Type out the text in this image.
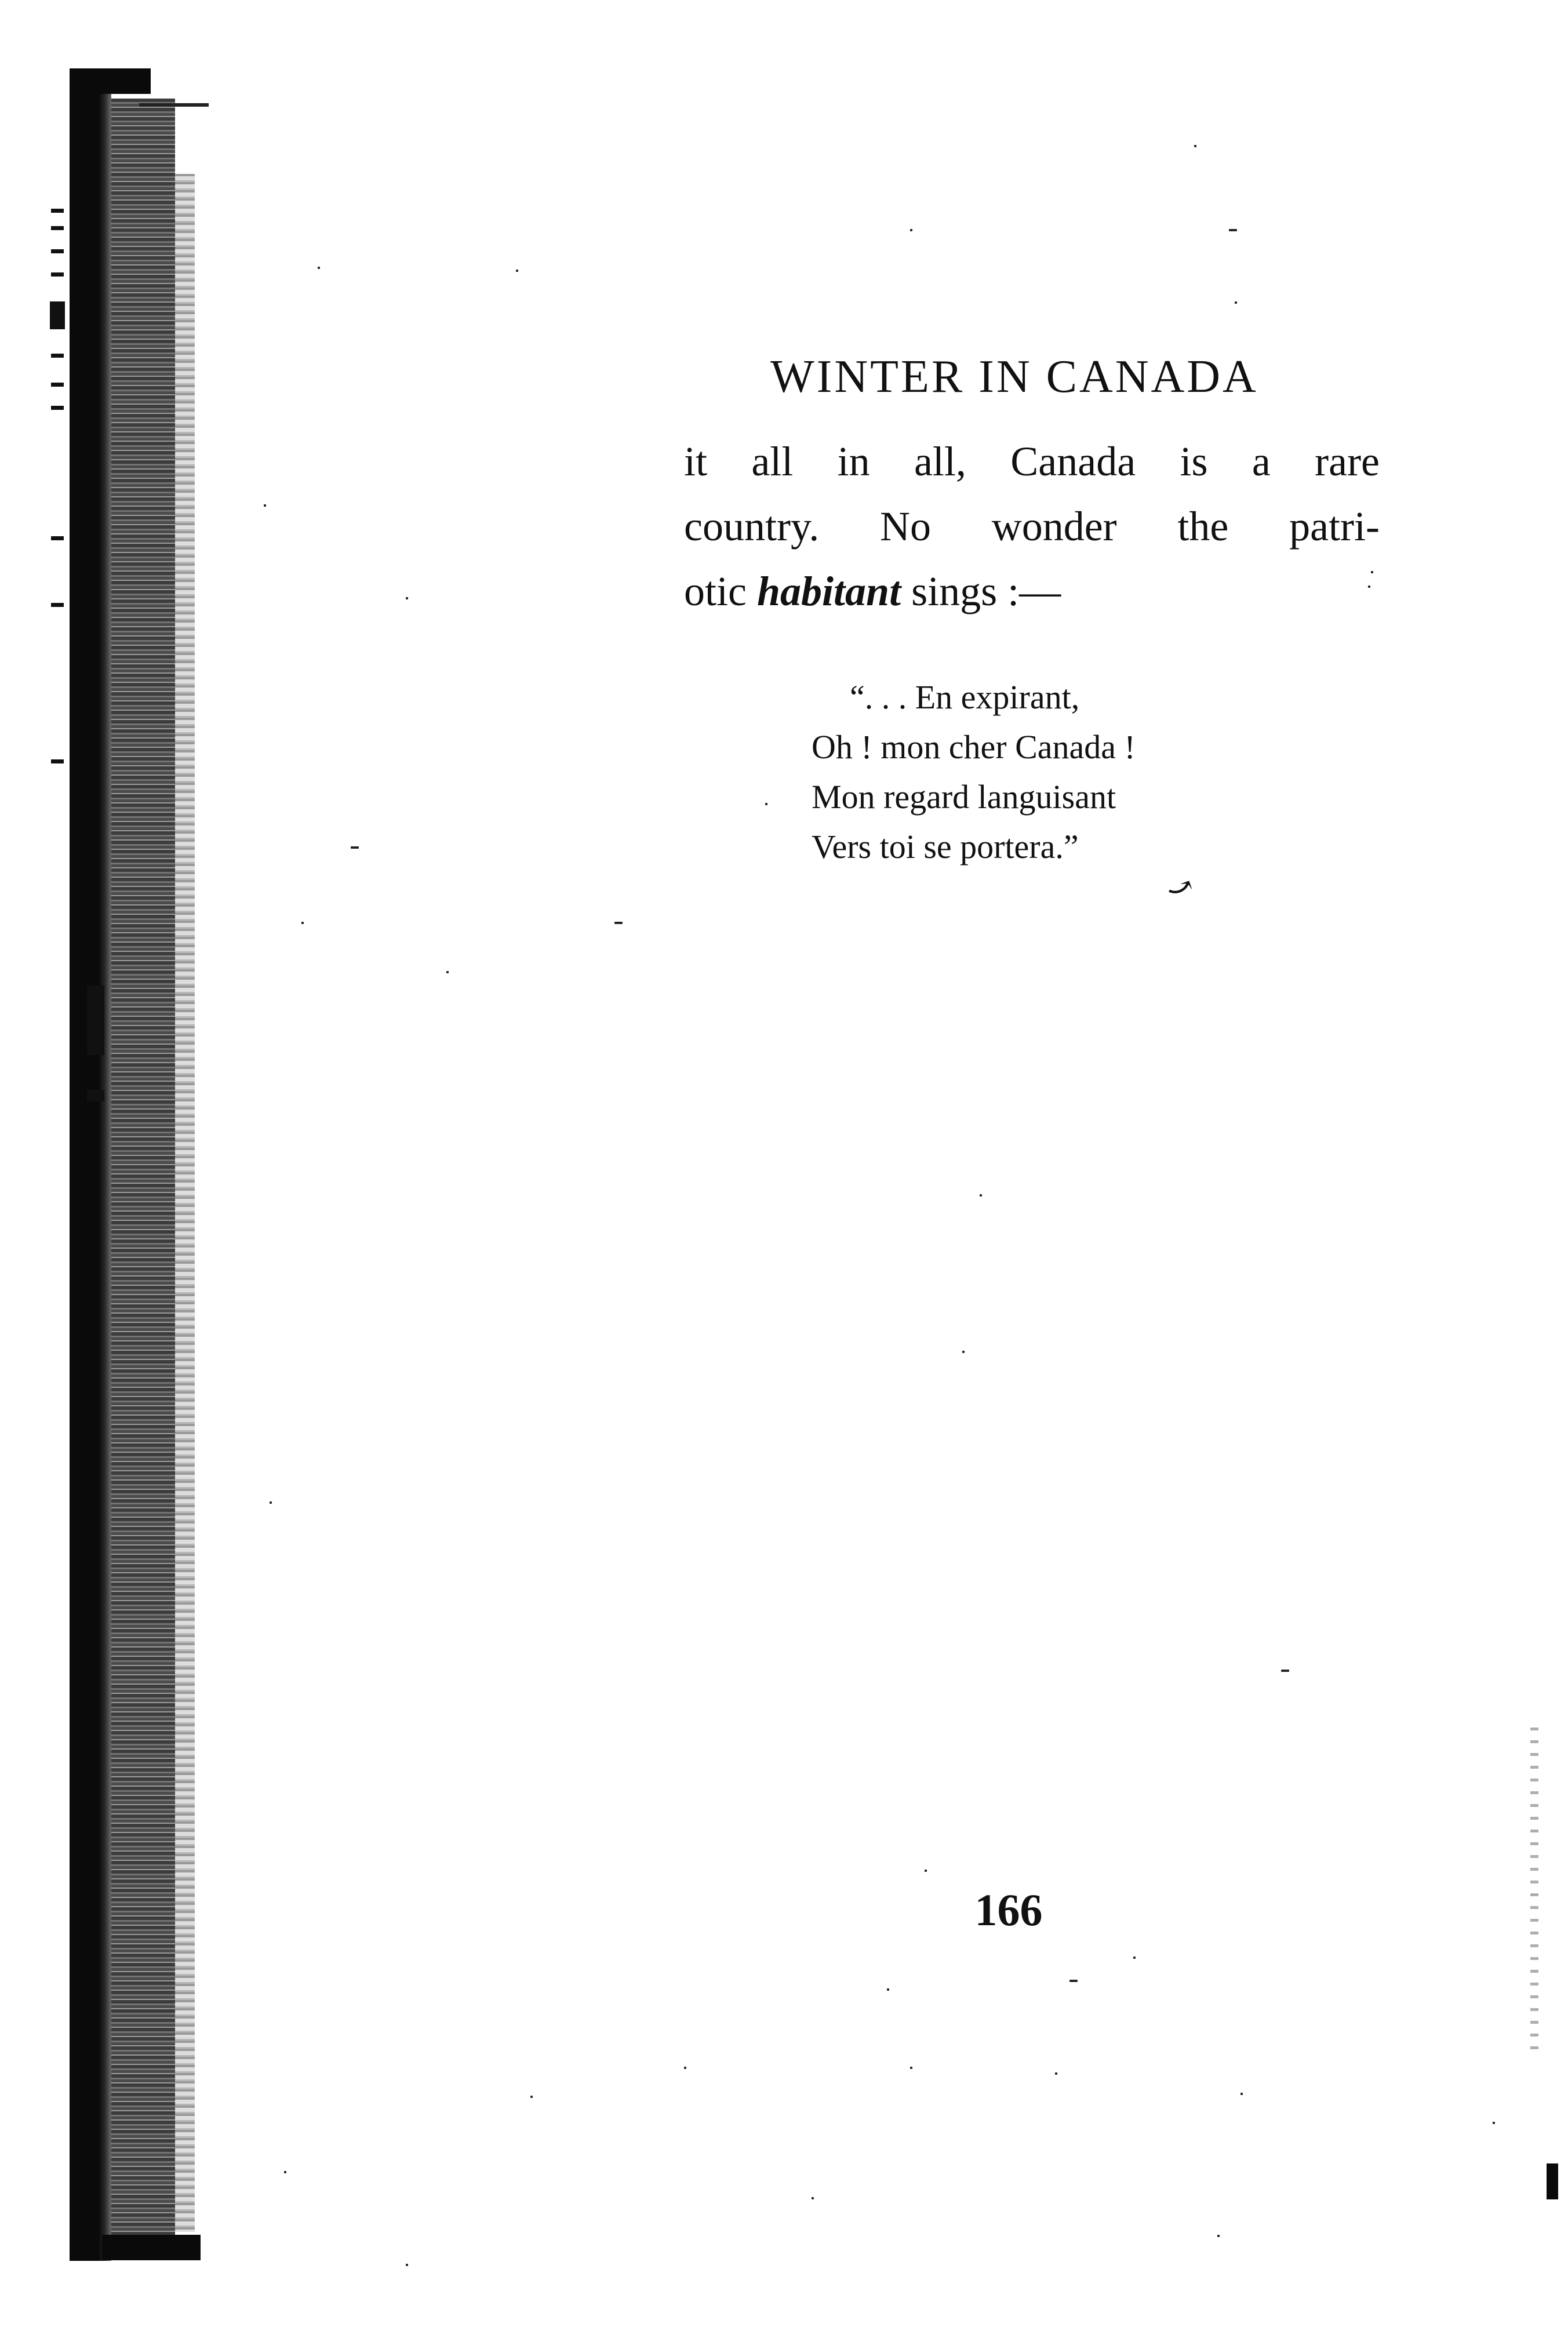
WINTER IN CANADA
it all in all, Canada is a rare
country. No wonder the patri-
otic habitant sings :—
“. . . En expirant,
Oh ! mon cher Canada !
Mon regard languisant
Vers toi se portera.”
⤻
166
